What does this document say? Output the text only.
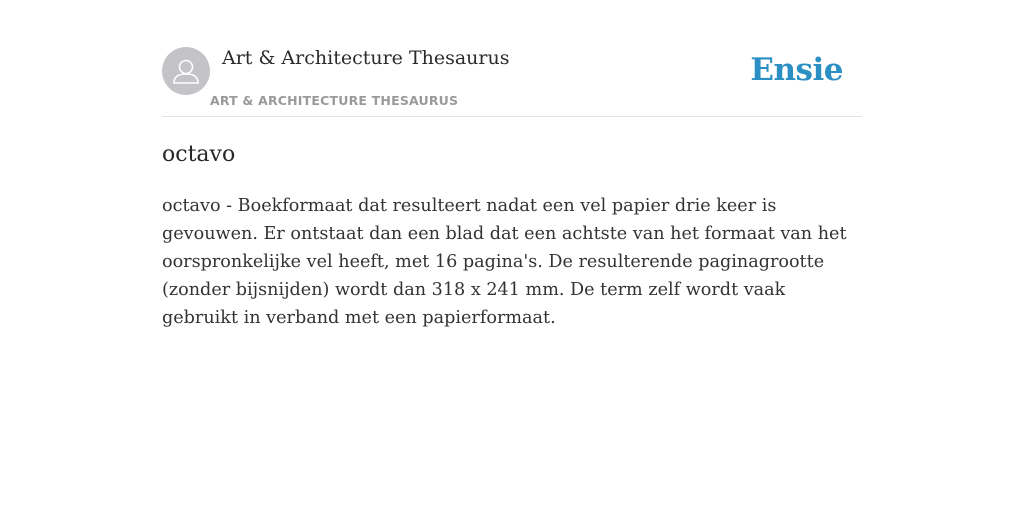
Art & Architecture Thesaurus
ART & ARCHITECTURE THESAURUS
Ensie
octavo
octavo - Boekformaat dat resulteert nadat een vel papier drie keer is gevouwen. Er ontstaat dan een blad dat een achtste van het formaat van het oorspronkelijke vel heeft, met 16 pagina's. De resulterende paginagrootte (zonder bijsnijden) wordt dan 318 x 241 mm. De term zelf wordt vaak gebruikt in verband met een papierformaat.
